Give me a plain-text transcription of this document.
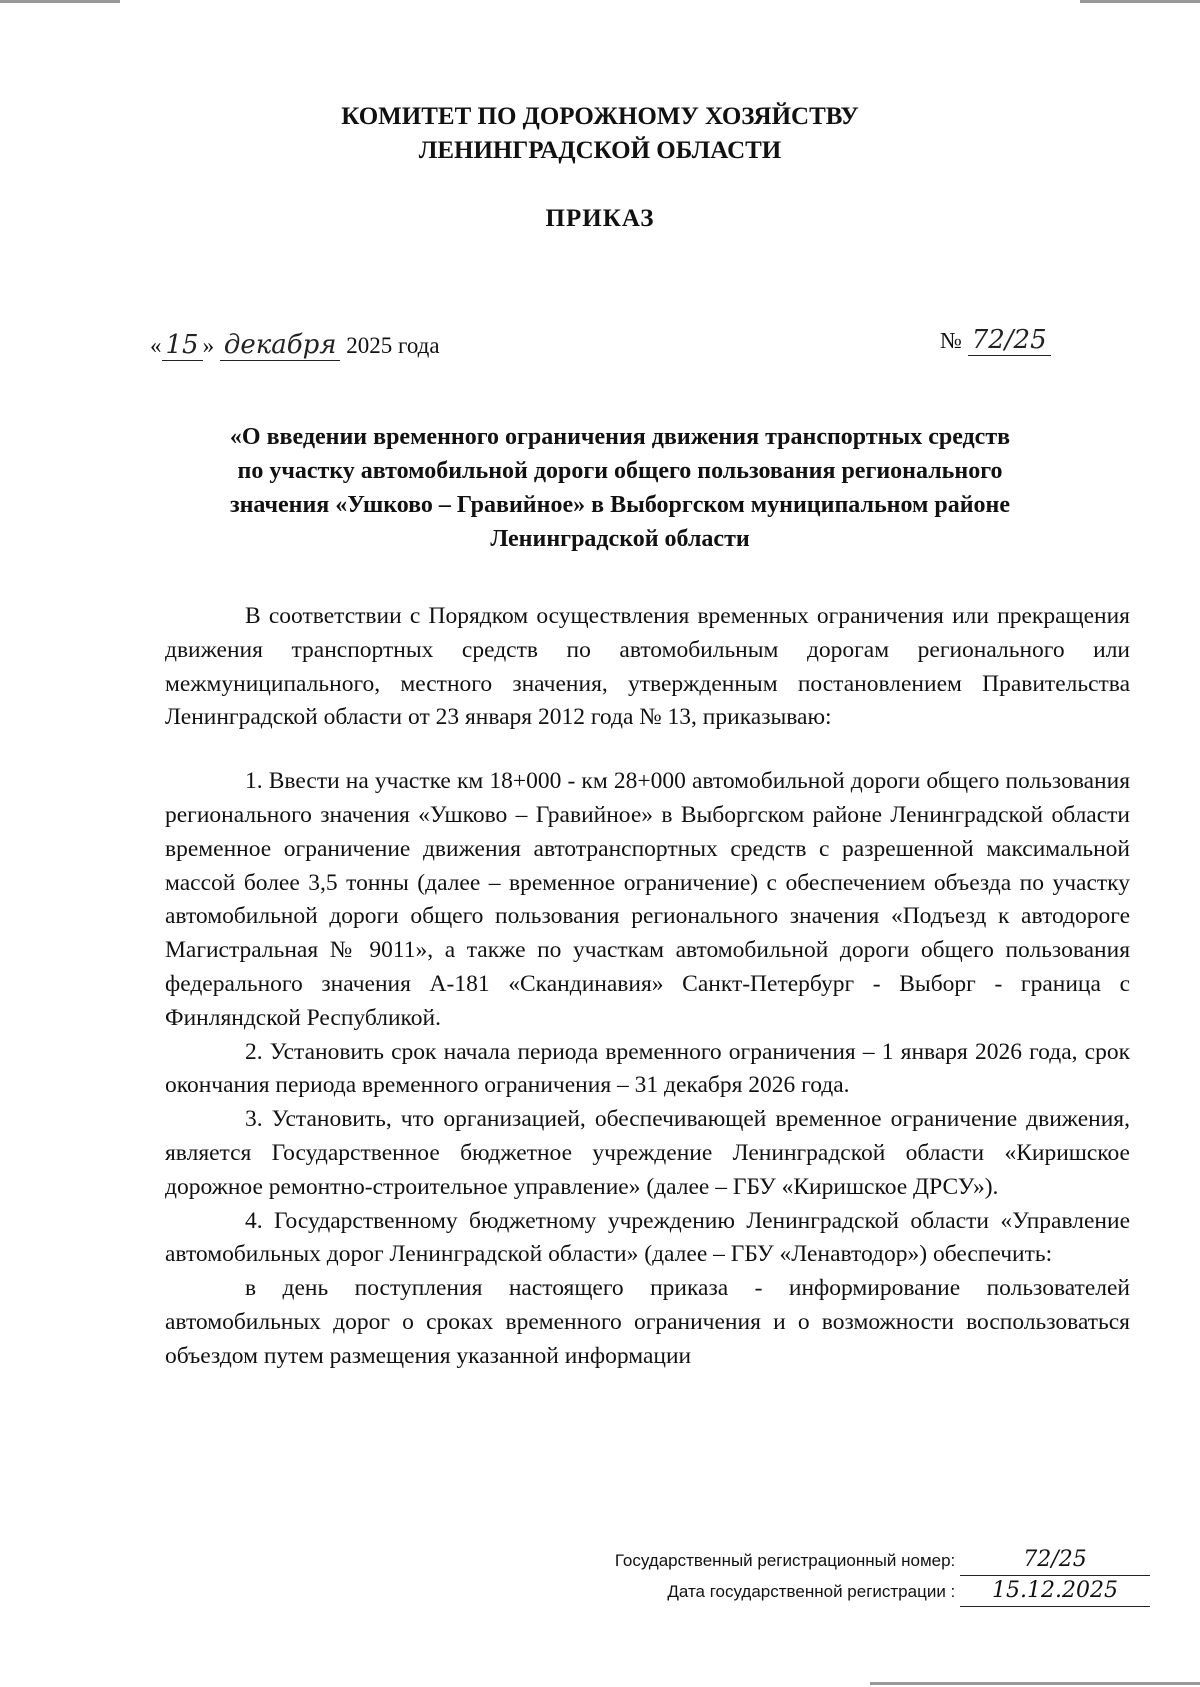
КОМИТЕТ ПО ДОРОЖНОМУ ХОЗЯЙСТВУ
ЛЕНИНГРАДСКОЙ ОБЛАСТИ
ПРИКАЗ
« 15 » декабря 2025 года	№ 72/25
«О введении временного ограничения движения транспортных средств
по участку автомобильной дороги общего пользования регионального
значения «Ушково – Гравийное» в Выборгском муниципальном районе
Ленинградской области

В соответствии с Порядком осуществления временных ограничения или прекращения движения транспортных средств по автомобильным дорогам регионального или межмуниципального, местного значения, утвержденным постановлением Правительства Ленинградской области от 23 января 2012 года № 13, приказываю:

1. Ввести на участке км 18+000 - км 28+000 автомобильной дороги общего пользования регионального значения «Ушково – Гравийное» в Выборгском районе Ленинградской области временное ограничение движения автотранспортных средств с разрешенной максимальной массой более 3,5 тонны (далее – временное ограничение) с обеспечением объезда по участку автомобильной дороги общего пользования регионального значения «Подъезд к автодороге Магистральная № 9011», а также по участкам автомобильной дороги общего пользования федерального значения А-181 «Скандинавия» Санкт-Петербург - Выборг - граница с Финляндской Республикой.

2. Установить срок начала периода временного ограничения – 1 января 2026 года, срок окончания периода временного ограничения – 31 декабря 2026 года.

3. Установить, что организацией, обеспечивающей временное ограничение движения, является Государственное бюджетное учреждение Ленинградской области «Киришское дорожное ремонтно-строительное управление» (далее – ГБУ «Киришское ДРСУ»).

4. Государственному бюджетному учреждению Ленинградской области «Управление автомобильных дорог Ленинградской области» (далее – ГБУ «Ленавтодор») обеспечить:

в день поступления настоящего приказа - информирование пользователей автомобильных дорог о сроках временного ограничения и о возможности воспользоваться объездом путем размещения указанной информации

Государственный регистрационный номер:	72/25
Дата государственной регистрации : 15.12.2025
